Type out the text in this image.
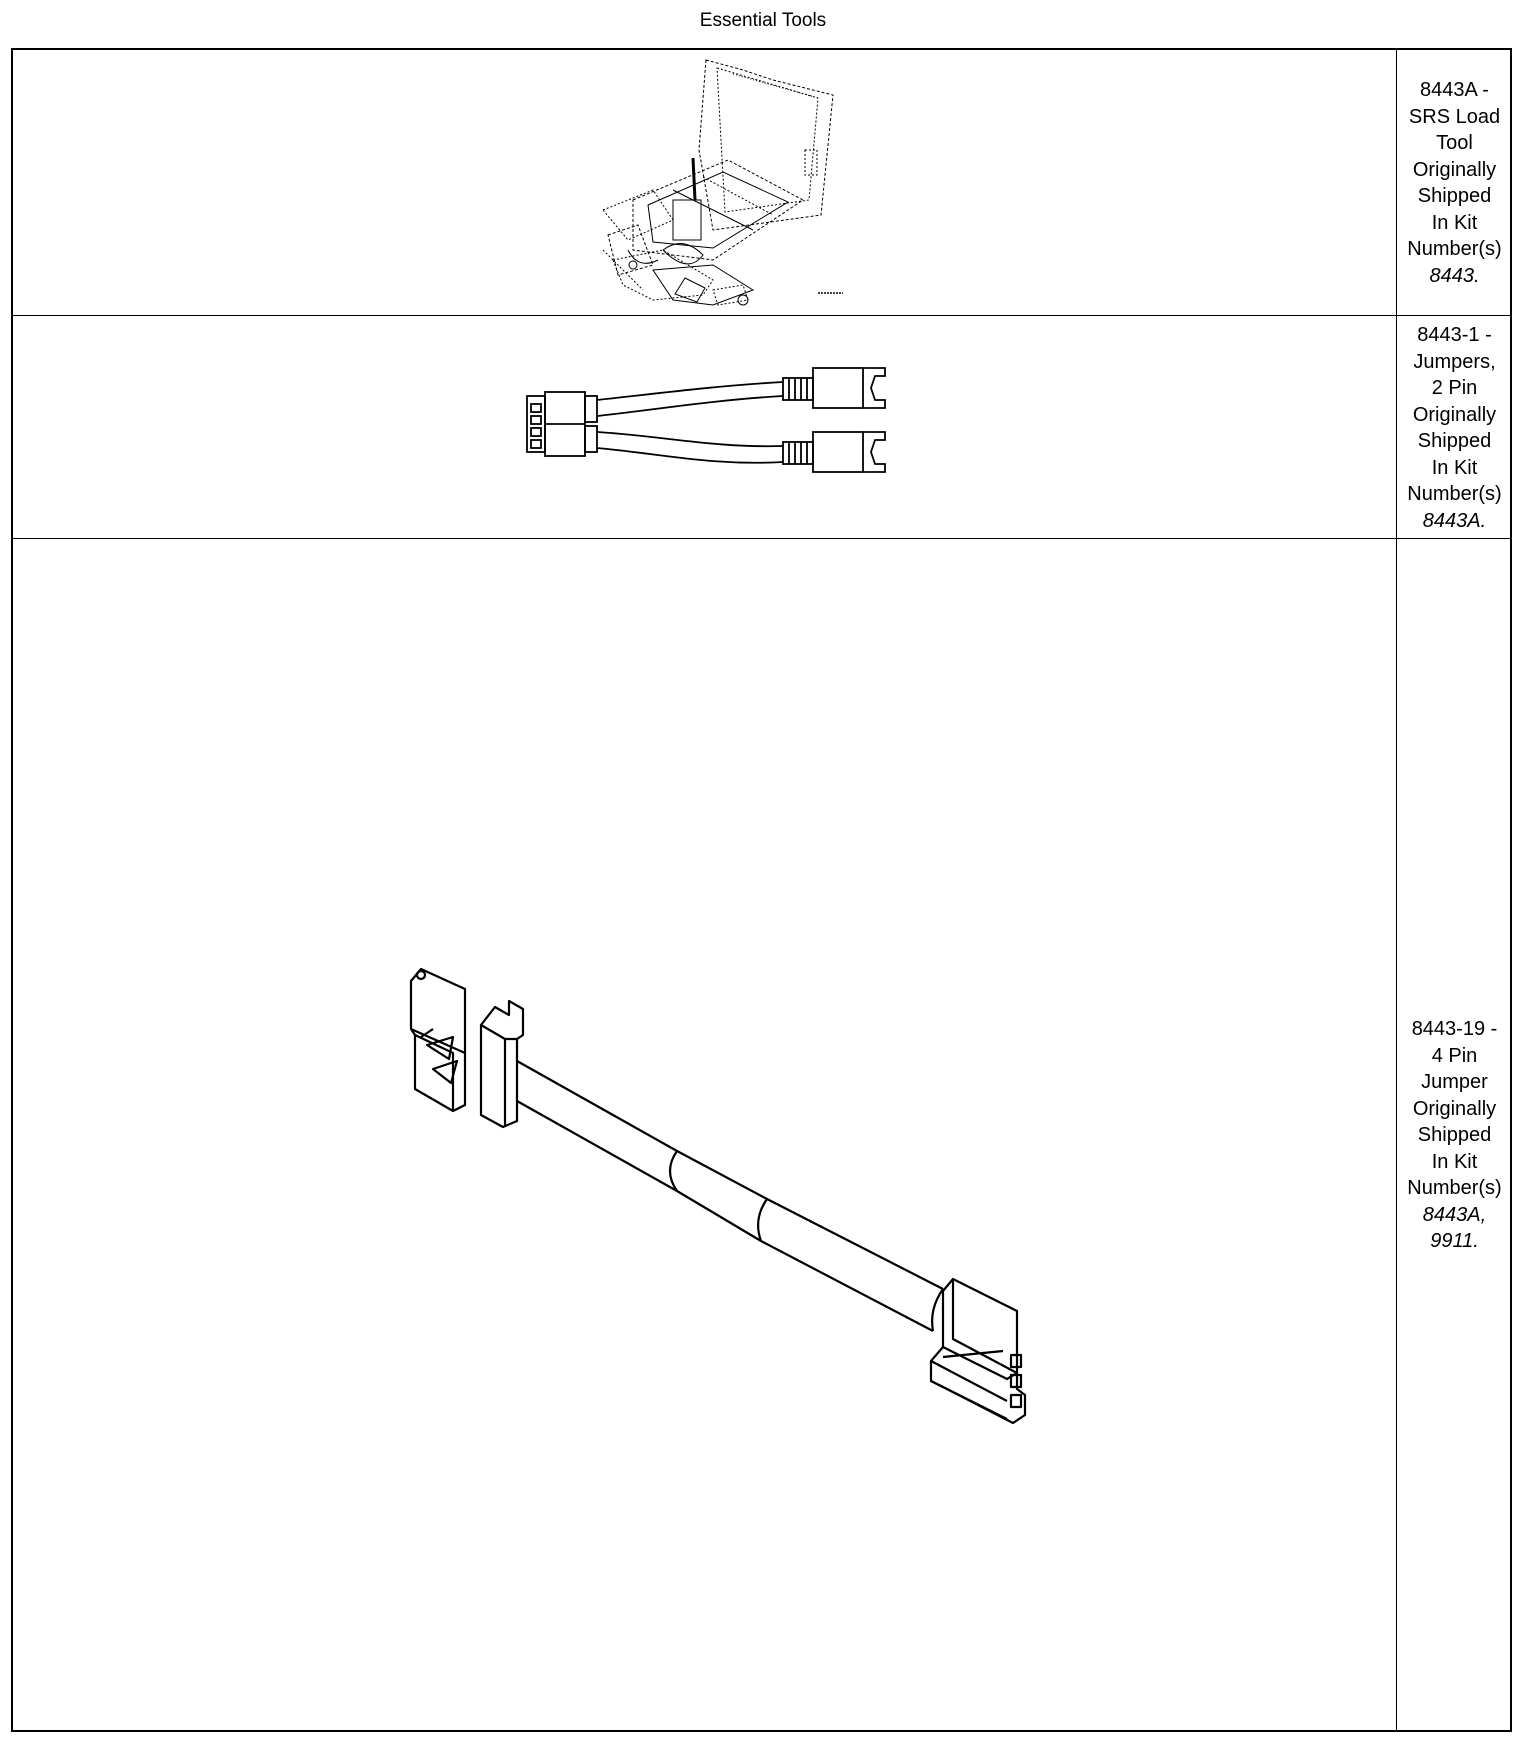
Essential Tools
8443A -
SRS Load
Tool
Originally
Shipped
In Kit
Number(s)
8443.
8443-1 -
Jumpers,
2 Pin
Originally
Shipped
In Kit
Number(s)
8443A.
8443-19 -
4 Pin
Jumper
Originally
Shipped
In Kit
Number(s)
8443A,
9911.
